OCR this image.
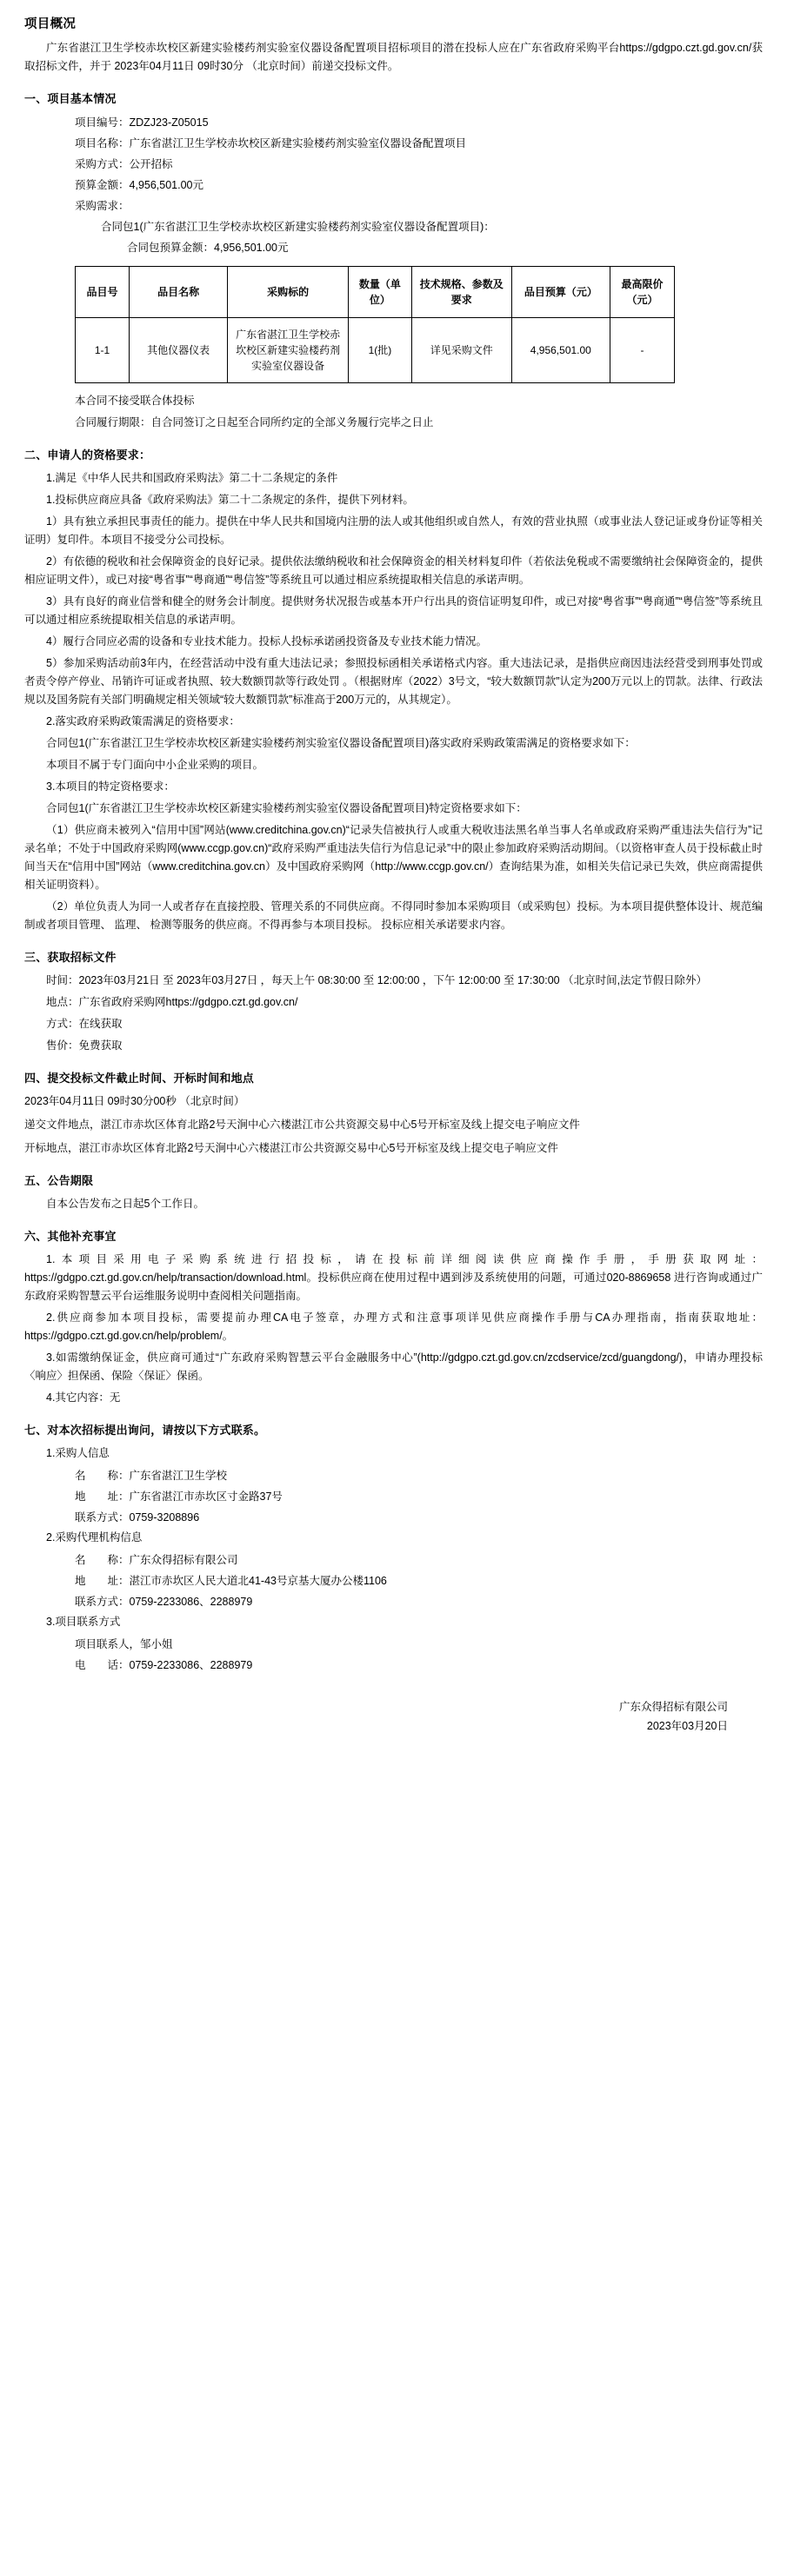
项目概况

广东省湛江卫生学校赤坎校区新建实验楼药剂实验室仪器设备配置项目招标项目的潜在投标人应在广东省政府采购平台https://gdgpo.czt.gd.gov.cn/获取招标文件，并于 2023年04月11日 09时30分 （北京时间）前递交投标文件。

一、项目基本情况
项目编号：ZDZJ23-Z05015
项目名称：广东省湛江卫生学校赤坎校区新建实验楼药剂实验室仪器设备配置项目
采购方式：公开招标
预算金额：4,956,501.00元
采购需求：
合同包1(广东省湛江卫生学校赤坎校区新建实验楼药剂实验室仪器设备配置项目)：
合同包预算金额：4,956,501.00元
品目号	品目名称	采购标的	数量（单位）	技术规格、参数及要求	品目预算（元）	最高限价（元）
1-1	其他仪器仪表	广东省湛江卫生学校赤坎校区新建实验楼药剂实验室仪器设备	1(批)	详见采购文件	4,956,501.00	-
本合同不接受联合体投标
合同履行期限：自合同签订之日起至合同所约定的全部义务履行完毕之日止
二、申请人的资格要求：

1.满足《中华人民共和国政府采购法》第二十二条规定的条件

1.投标供应商应具备《政府采购法》第二十二条规定的条件，提供下列材料。

1）具有独立承担民事责任的能力。提供在中华人民共和国境内注册的法人或其他组织或自然人，有效的营业执照（或事业法人登记证或身份证等相关证明）复印件。本项目不接受分公司投标。

2）有依德的税收和社会保障资金的良好记录。提供依法缴纳税收和社会保障资金的相关材料复印件（若依法免税或不需要缴纳社会保障资金的，提供相应证明文件），或已对接“粤省事”“粤商通”“粤信签”等系统且可以通过相应系统提取相关信息的承诺声明。

3）具有良好的商业信誉和健全的财务会计制度。提供财务状况报告或基本开户行出具的资信证明复印件，或已对接“粤省事”“粤商通”“粤信签”等系统且可以通过相应系统提取相关信息的承诺声明。

4）履行合同应必需的设备和专业技术能力。投标人投标承诺函投资备及专业技术能力情况。

5）参加采购活动前3年内，在经营活动中没有重大违法记录；参照投标函相关承诺格式内容。重大违法记录，是指供应商因违法经营受到刑事处罚或者责令停产停业、吊销许可证或者执照、较大数额罚款等行政处罚 。（根据财库（2022）3号文，“较大数额罚款”认定为200万元以上的罚款。法律、行政法规以及国务院有关部门明确规定相关领域“较大数额罚款”标准高于200万元的，从其规定）。

2.落实政府采购政策需满足的资格要求：

合同包1(广东省湛江卫生学校赤坎校区新建实验楼药剂实验室仪器设备配置项目)落实政府采购政策需满足的资格要求如下：

本项目不属于专门面向中小企业采购的项目。

3.本项目的特定资格要求：

合同包1(广东省湛江卫生学校赤坎校区新建实验楼药剂实验室仪器设备配置项目)特定资格要求如下：

（1）供应商未被列入“信用中国”网站(www.creditchina.gov.cn)“记录失信被执行人或重大税收违法黑名单当事人名单或政府采购严重违法失信行为”记录名单；不处于中国政府采购网(www.ccgp.gov.cn)“政府采购严重违法失信行为信息记录”中的限止参加政府采购活动期间。（以资格审查人员于投标截止时间当天在“信用中国”网站（www.creditchina.gov.cn）及中国政府采购网（http://www.ccgp.gov.cn/）查询结果为准，如相关失信记录已失效，供应商需提供相关证明资料）。

（2）单位负责人为同一人或者存在直接控股、管理关系的不同供应商。不得同时参加本采购项目（或采购包）投标。为本项目提供整体设计、规范编制或者项目管理、 监理、 检测等服务的供应商。不得再参与本项目投标。 投标应相关承诺要求内容。

三、获取招标文件
时间：2023年03月21日 至 2023年03月27日 ，每天上午 08:30:00 至 12:00:00 ，下午 12:00:00 至 17:30:00 （北京时间,法定节假日除外）
地点：广东省政府采购网https://gdgpo.czt.gd.gov.cn/
方式：在线获取
售价：免费获取
四、提交投标文件截止时间、开标时间和地点

2023年04月11日 09时30分00秒 （北京时间）

递交文件地点，湛江市赤坎区体育北路2号天涧中心六楼湛江市公共资源交易中心5号开标室及线上提交电子响应文件

开标地点，湛江市赤坎区体育北路2号天涧中心六楼湛江市公共资源交易中心5号开标室及线上提交电子响应文件

五、公告期限

自本公告发布之日起5个工作日。

六、其他补充事宜

1.本项目采用电子采购系统进行招投标，请在投标前详细阅读供应商操作手册，手册获取网址：https://gdgpo.czt.gd.gov.cn/help/transaction/download.html。投标供应商在使用过程中遇到涉及系统使用的问题，可通过020-8869658 进行咨询或通过广东政府采购智慧云平台运维服务说明中查阅相关问题指南。

2.供应商参加本项目投标，需要提前办理CA电子签章，办理方式和注意事项详见供应商操作手册与CA办理指南，指南获取地址：https://gdgpo.czt.gd.gov.cn/help/problem/。

3.如需缴纳保证金，供应商可通过“广东政府采购智慧云平台金融服务中心”(http://gdgpo.czt.gd.gov.cn/zcdservice/zcd/guangdong/)，申请办理投标〈响应〉担保函、保险〈保证〉保函。

4.其它内容：无

七、对本次招标提出询问，请按以下方式联系。
1.采购人信息
名　　称：广东省湛江卫生学校
地　　址：广东省湛江市赤坎区寸金路37号
联系方式：0759-3208896
2.采购代理机构信息
名　　称：广东众得招标有限公司
地　　址：湛江市赤坎区人民大道北41-43号京基大厦办公楼1106
联系方式：0759-2233086、2288979
3.项目联系方式
项目联系人，邹小姐
电　　话：0759-2233086、2288979
广东众得招标有限公司
2023年03月20日
